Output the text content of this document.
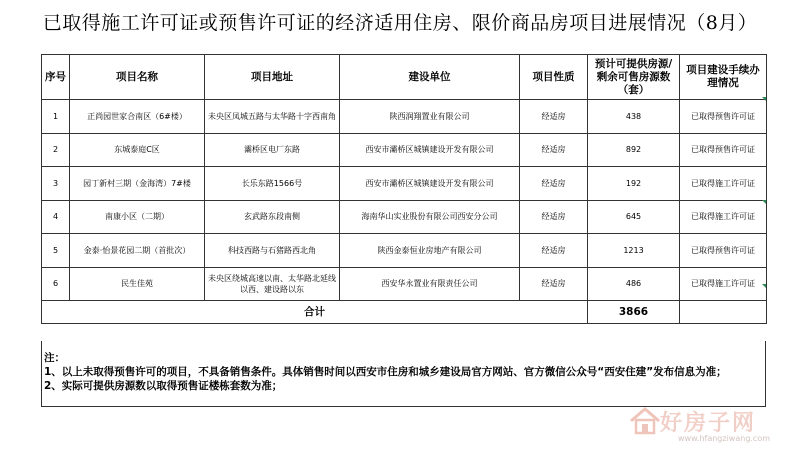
已取得施工许可证或预售许可证的经济适用住房、限价商品房项目进展情况（8月）
序号	项目名称	项目地址	建设单位	项目性质	预计可提供房源/剩余可售房源数（套）	项目建设手续办理情况
1	正尚园世家合南区（6#楼）	未央区凤城五路与太华路十字西南角	陕西润翔置业有限公司	经适房	438	已取得预售许可证
2	东城泰庭C区	灞桥区电厂东路	西安市灞桥区城镇建设开发有限公司	经适房	892	已取得预售许可证
3	园丁新村三期（金海湾）7#楼	长乐东路1566号	西安市灞桥区城镇建设开发有限公司	经适房	192	已取得施工许可证
4	南康小区（二期）	玄武路东段南侧	海南华山实业股份有限公司西安分公司	经适房	645	已取得施工许可证
5	金泰·怡景花园二期（首批次）	科技西路与石猪路西北角	陕西金泰恒业房地产有限公司	经适房	1213	已取得预售许可证
6	民生佳苑	未央区绕城高速以南、太华路北延线以西、建设路以东	西安华永置业有限责任公司	经适房	486	已取得施工许可证
合计					3866	
注：
1、以上未取得预售许可的项目，不具备销售条件。具体销售时间以西安市住房和城乡建设局官方网站、官方微信公众号“西安住建”发布信息为准；
2、实际可提供房源数以取得预售证楼栋套数为准；
好房子网
www.hfangziwang.com
